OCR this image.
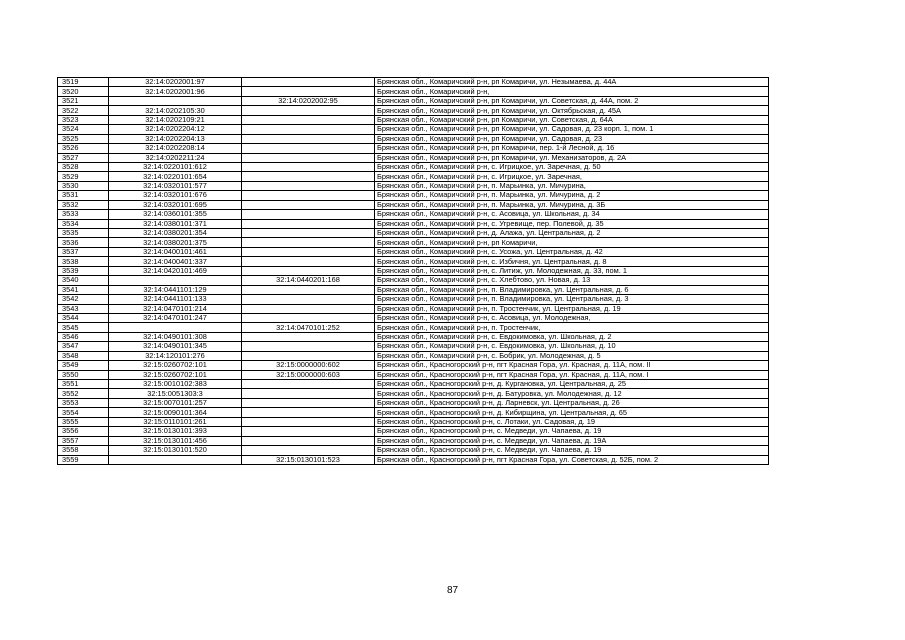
3519	32:14:0202001:97		Брянская обл., Комаричский р-н, рп Комаричи, ул. Незымаева, д. 44А
3520	32:14:0202001:96		Брянская обл., Комаричский р-н,
3521		32:14:0202002:95	Брянская обл., Комаричский р-н, рп Комаричи, ул. Советская, д. 44А, пом. 2
3522	32:14:0202105:30		Брянская обл., Комаричский р-н, рп Комаричи, ул. Октябрьская, д. 45А
3523	32:14:0202109:21		Брянская обл., Комаричский р-н, рп Комаричи, ул. Советская, д. 64А
3524	32:14:0202204:12		Брянская обл., Комаричский р-н, рп Комаричи, ул. Садовая, д. 23 корп. 1, пом. 1
3525	32:14:0202204:13		Брянская обл., Комаричский р-н, рп Комаричи, ул. Садовая, д. 23
3526	32:14:0202208:14		Брянская обл., Комаричский р-н, рп Комаричи, пер. 1-й Лесной, д. 16
3527	32:14:0202211:24		Брянская обл., Комаричский р-н, рп Комаричи, ул. Механизаторов, д. 2А
3528	32:14:0220101:612		Брянская обл., Комаричский р-н, с. Игрицкое, ул. Заречная, д. 50
3529	32:14:0220101:654		Брянская обл., Комаричский р-н, с. Игрицкое, ул. Заречная,
3530	32:14:0320101:577		Брянская обл., Комаричский р-н, п. Марьинка, ул. Мичурина,
3531	32:14:0320101:676		Брянская обл., Комаричский р-н, п. Марьинка, ул. Мичурина, д. 2
3532	32:14:0320101:695		Брянская обл., Комаричский р-н, п. Марьинка, ул. Мичурина, д. 3Б
3533	32:14:0360101:355		Брянская обл., Комаричский р-н, с. Асовица, ул. Школьная, д. 34
3534	32:14:0380101:371		Брянская обл., Комаричский р-н, с. Угревище, пер. Полевой, д. 35
3535	32:14:0380201:354		Брянская обл., Комаричский р-н, д. Алажа, ул. Центральная, д. 2
3536	32:14:0380201:375		Брянская обл., Комаричский р-н, рп Комаричи,
3537	32:14:0400101:461		Брянская обл., Комаричский р-н, с. Усожа, ул. Центральная, д. 42
3538	32:14:0400401:337		Брянская обл., Комаричский р-н, с. Избичня, ул. Центральная, д. 8
3539	32:14:0420101:469		Брянская обл., Комаричский р-н, с. Литиж, ул. Молодежная, д. 33, пом. 1
3540		32:14:0440201:168	Брянская обл., Комаричский р-н, с. Хлебтово, ул. Новая, д. 13
3541	32:14:0441101:129		Брянская обл., Комаричский р-н, п. Владимировка, ул. Центральная, д. 6
3542	32:14:0441101:133		Брянская обл., Комаричский р-н, п. Владимировка, ул. Центральная, д. 3
3543	32:14:0470101:214		Брянская обл., Комаричский р-н, п. Тростенчик, ул. Центральная, д. 19
3544	32:14:0470101:247		Брянская обл., Комаричский р-н, с. Асовица, ул. Молодежная,
3545		32:14:0470101:252	Брянская обл., Комаричский р-н, п. Тростенчик,
3546	32:14:0490101:308		Брянская обл., Комаричский р-н, с. Евдокимовка, ул. Школьная, д. 2
3547	32:14:0490101:345		Брянская обл., Комаричский р-н, с. Евдокимовка, ул. Школьная, д. 10
3548	32:14:120101:276		Брянская обл., Комаричский р-н, с. Бобрик, ул. Молодежная, д. 5
3549	32:15:0260702:101	32:15:0000000:602	Брянская обл., Красногорский р-н, пгт Красная Гора, ул. Красная, д. 11А, пом. II
3550	32:15:0260702:101	32:15:0000000:603	Брянская обл., Красногорский р-н, пгт Красная Гора, ул. Красная, д. 11А, пом. I
3551	32:15:0010102:383		Брянская обл., Красногорский р-н, д. Кургановка, ул. Центральная, д. 25
3552	32:15:0051303:3		Брянская обл., Красногорский р-н, д. Батуровка, ул. Молодежная, д. 12
3553	32:15:0070101:257		Брянская обл., Красногорский р-н, д. Ларневск, ул. Центральная, д. 26
3554	32:15:0090101:364		Брянская обл., Красногорский р-н, д. Кибирщина, ул. Центральная, д. 65
3555	32:15:0110101:261		Брянская обл., Красногорский р-н, с. Лотаки, ул. Садовая, д. 19
3556	32:15:0130101:393		Брянская обл., Красногорский р-н, с. Медведи, ул. Чапаева, д. 19
3557	32:15:0130101:456		Брянская обл., Красногорский р-н, с. Медведи, ул. Чапаева, д. 19А
3558	32:15:0130101:520		Брянская обл., Красногорский р-н, с. Медведи, ул. Чапаева, д. 19
3559		32:15:0130101:523	Брянская обл., Красногорский р-н, пгт Красная Гора, ул. Советская, д. 52Б, пом. 2
87
